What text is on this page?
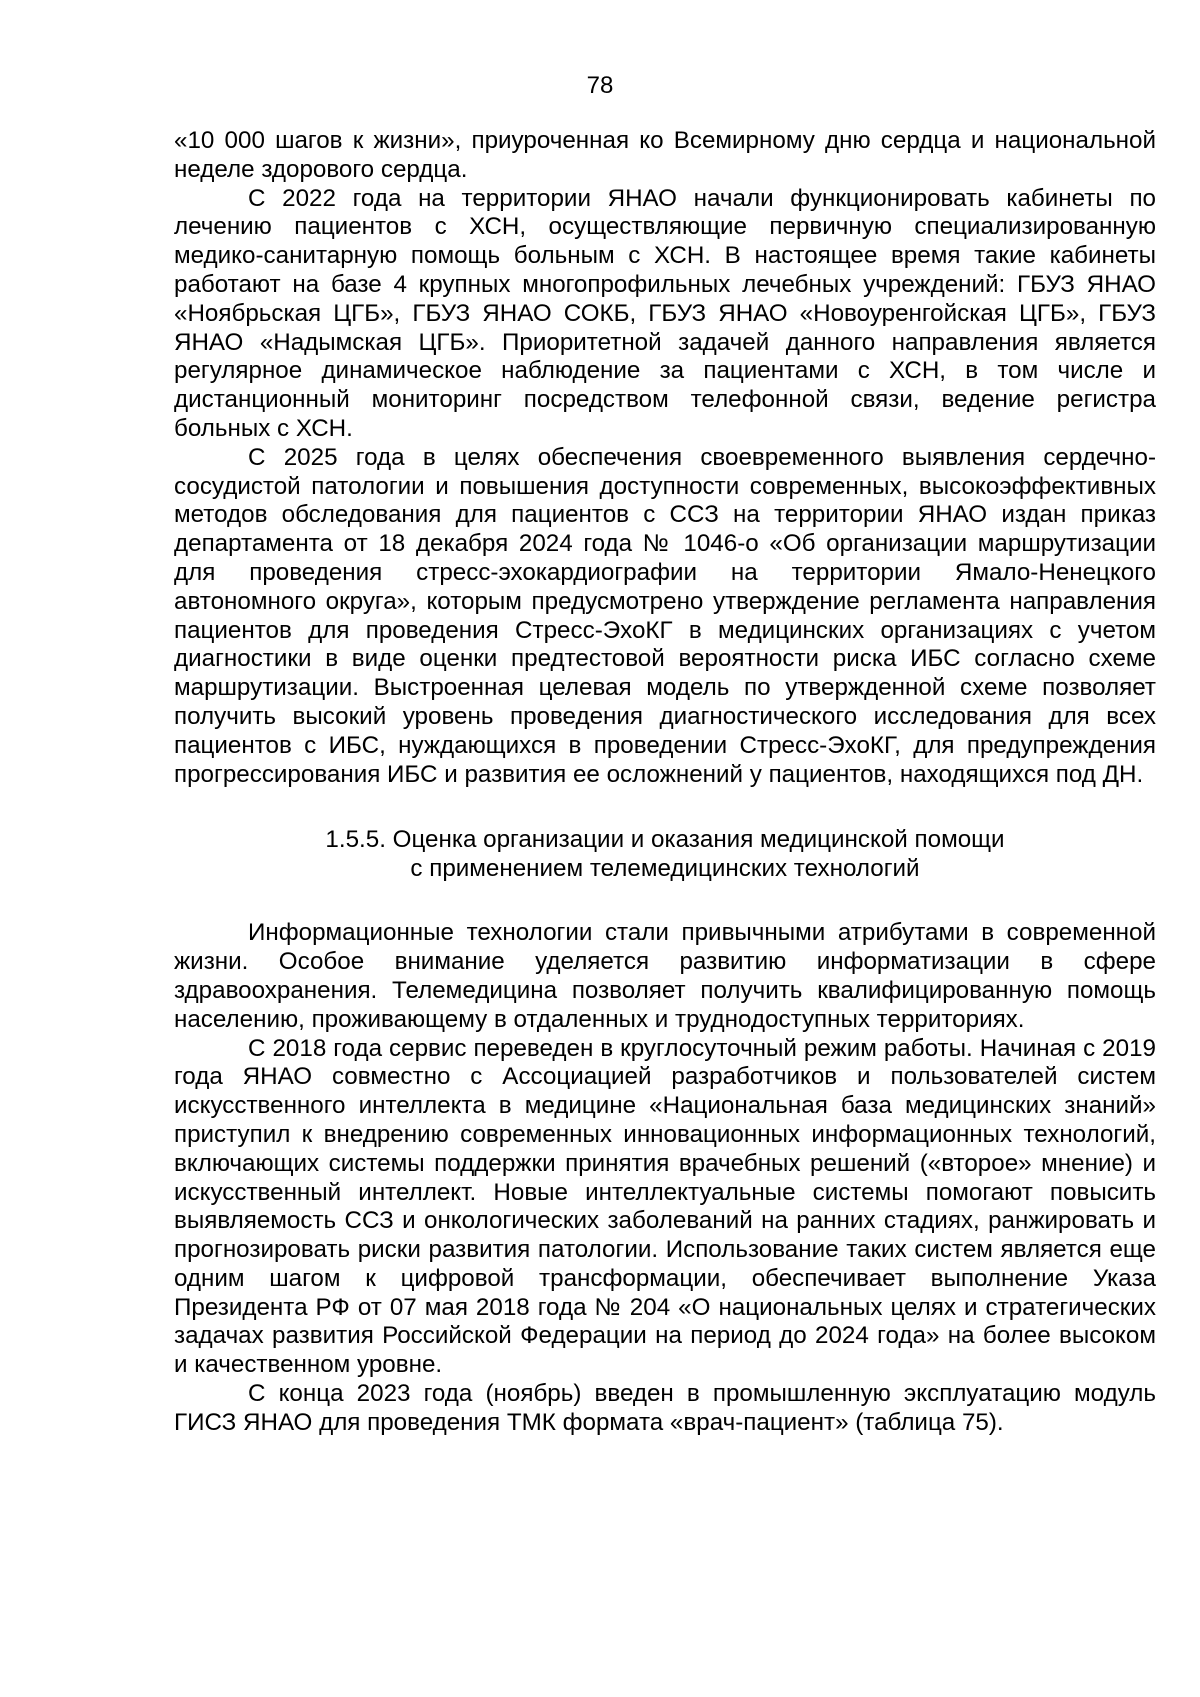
78

«10 000 шагов к жизни», приуроченная ко Всемирному дню сердца и национальной неделе здорового сердца.

С 2022 года на территории ЯНАО начали функционировать кабинеты по лечению пациентов с ХСН, осуществляющие первичную специализированную медико-санитарную помощь больным с ХСН. В настоящее время такие кабинеты работают на базе 4 крупных многопрофильных лечебных учреждений: ГБУЗ ЯНАО «Ноябрьская ЦГБ», ГБУЗ ЯНАО СОКБ, ГБУЗ ЯНАО «Новоуренгойская ЦГБ», ГБУЗ ЯНАО «Надымская ЦГБ». Приоритетной задачей данного направления является регулярное динамическое наблюдение за пациентами с ХСН, в том числе и дистанционный мониторинг посредством телефонной связи, ведение регистра больных с ХСН.

С 2025 года в целях обеспечения своевременного выявления сердечно-сосудистой патологии и повышения доступности современных, высокоэффективных методов обследования для пациентов с ССЗ на территории ЯНАО издан приказ департамента от 18 декабря 2024 года № 1046-о «Об организации маршрутизации для проведения стресс-эхокардиографии на территории Ямало-Ненецкого автономного округа», которым предусмотрено утверждение регламента направления пациентов для проведения Стресс-ЭхоКГ в медицинских организациях с учетом диагностики в виде оценки предтестовой вероятности риска ИБС согласно схеме маршрутизации. Выстроенная целевая модель по утвержденной схеме позволяет получить высокий уровень проведения диагностического исследования для всех пациентов с ИБС, нуждающихся в проведении Стресс-ЭхоКГ, для предупреждения прогрессирования ИБС и развития ее осложнений у пациентов, находящихся под ДН.

1.5.5. Оценка организации и оказания медицинской помощи
с применением телемедицинских технологий

Информационные технологии стали привычными атрибутами в современной жизни. Особое внимание уделяется развитию информатизации в сфере здравоохранения. Телемедицина позволяет получить квалифицированную помощь населению, проживающему в отдаленных и труднодоступных территориях.

С 2018 года сервис переведен в круглосуточный режим работы. Начиная с 2019 года ЯНАО совместно с Ассоциацией разработчиков и пользователей систем искусственного интеллекта в медицине «Национальная база медицинских знаний» приступил к внедрению современных инновационных информационных технологий, включающих системы поддержки принятия врачебных решений («второе» мнение) и искусственный интеллект. Новые интеллектуальные системы помогают повысить выявляемость ССЗ и онкологических заболеваний на ранних стадиях, ранжировать и прогнозировать риски развития патологии. Использование таких систем является еще одним шагом к цифровой трансформации, обеспечивает выполнение Указа Президента РФ от 07 мая 2018 года № 204 «О национальных целях и стратегических задачах развития Российской Федерации на период до 2024 года» на более высоком и качественном уровне.

С конца 2023 года (ноябрь) введен в промышленную эксплуатацию модуль ГИСЗ ЯНАО для проведения ТМК формата «врач-пациент» (таблица 75).
